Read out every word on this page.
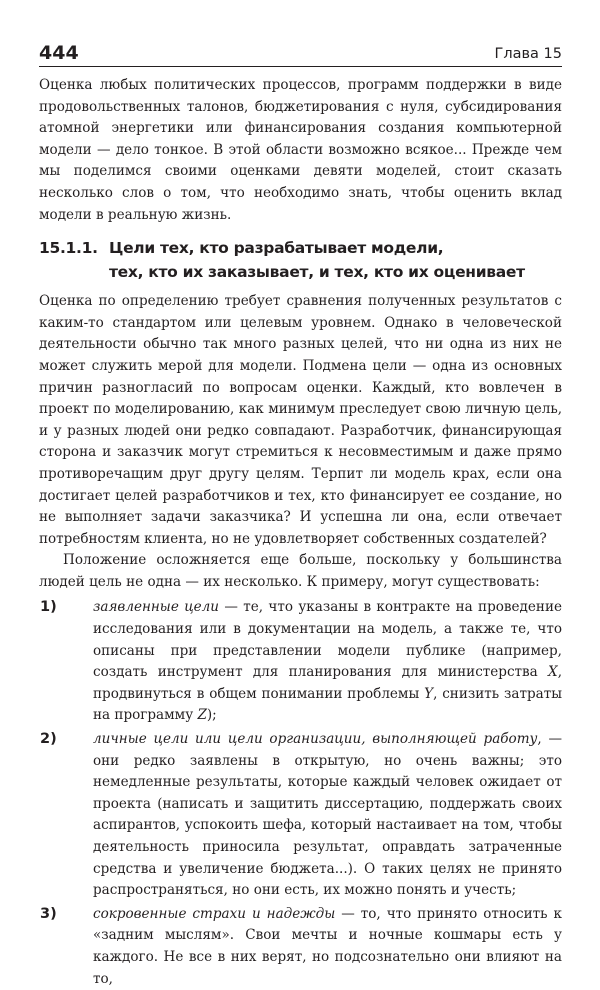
444	Глава 15

Оценка любых политических процессов, программ поддержки в виде продовольственных талонов, бюджетирования с нуля, субсидирования атомной энергетики или финансирования создания компьютерной модели — дело тонкое. В этой области возможно всякое... Прежде чем мы поделимся своими оценками девяти моделей, стоит сказать несколько слов о том, что необходимо знать, чтобы оценить вклад модели в реальную жизнь.

15.1.1. Цели тех, кто разрабатывает модели,
тех, кто их заказывает, и тех, кто их оценивает

Оценка по определению требует сравнения полученных результатов с каким-то стандартом или целевым уровнем. Однако в человеческой деятельности обычно так много разных целей, что ни одна из них не может служить мерой для модели. Подмена цели — одна из основных причин разногласий по вопросам оценки. Каждый, кто вовлечен в проект по моделированию, как минимум преследует свою личную цель, и у разных людей они редко совпадают. Разработчик, финансирующая сторона и заказчик могут стремиться к несовместимым и даже прямо противоречащим друг другу целям. Терпит ли модель крах, если она достигает целей разработчиков и тех, кто финансирует ее создание, но не выполняет задачи заказчика? И успешна ли она, если отвечает потребностям клиента, но не удовлетворяет собственных создателей?

Положение осложняется еще больше, поскольку у большинства людей цель не одна — их несколько. К примеру, могут существовать:

1)	заявленные цели — те, что указаны в контракте на проведение исследования или в документации на модель, а также те, что описаны при представлении модели публике (например, создать инструмент для планирования для министерства X, продвинуться в общем понимании проблемы Y, снизить затраты на программу Z);

2)	личные цели или цели организации, выполняющей работу, — они редко заявлены в открытую, но очень важны; это немедленные результаты, которые каждый человек ожидает от проекта (написать и защитить диссертацию, поддержать своих аспирантов, успокоить шефа, который настаивает на том, чтобы деятельность приносила результат, оправдать затраченные средства и увеличение бюджета...). О таких целях не принято распространяться, но они есть, их можно понять и учесть;

3)	сокровенные страхи и надежды — то, что принято относить к «задним мыслям». Свои мечты и ночные кошмары есть у каждого. Не все в них верят, но подсознательно они влияют на то,
